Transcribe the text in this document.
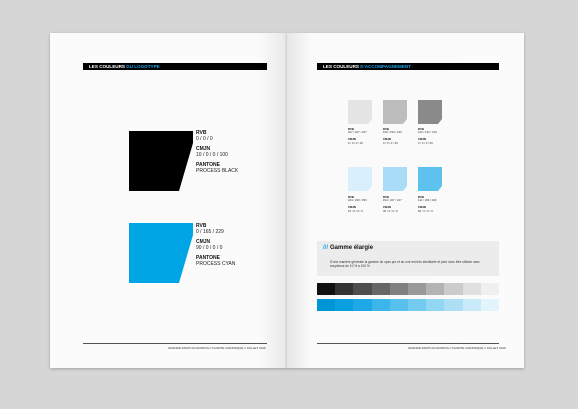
LES COULEURS DU LOGOTYPE
RVB
0 / 0 / 0
CMJN
10 / 0 / 0 / 100
PANTONE
PROCESS BLACK
RVB
0 / 165 / 229
CMJN
90 / 0 / 0 / 0
PANTONE
PROCESS CYAN
GRANDE PARIS ACCESSION // CHARTE GRAPHIQUE // JUILLET 2016
LES COULEURS D'ACCOMPAGNEMENT
RVB
227 / 227 / 227

CMJN
0 / 0 / 0 / 10
RVB
190 / 190 / 190

CMJN
0 / 0 / 0 / 30
RVB
140 / 140 / 140

CMJN
0 / 0 / 0 / 50
RVB
224 / 239 / 250

CMJN
15 / 0 / 0 / 0
RVB
194 / 227 / 247

CMJN
30 / 0 / 0 / 0
RVB
111 / 196 / 240

CMJN
60 / 0 / 0 / 0
/// Gamme élargie
D'une manière générale la gamme du cyan pur et du noir est très identitaire et peut donc être utilisée avec soupleuse de 10 % à 100 %
GRANDE PARIS ACCESSION // CHARTE GRAPHIQUE // JUILLET 2016
